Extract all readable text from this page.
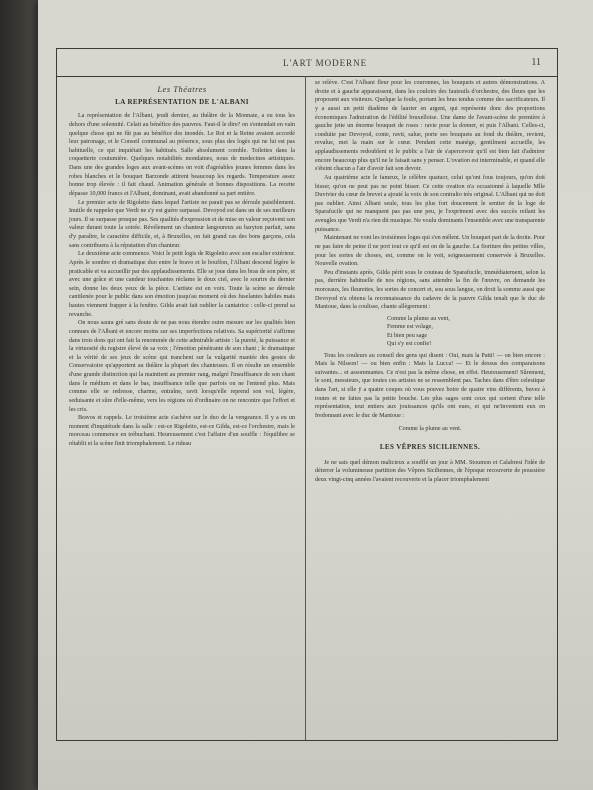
L'ART MODERNE	11
Les Théatres
LA REPRÉSENTATION DE L'ALBANI

La représentation de l'Albani, jeudi dernier, au théâtre de la Monnaie, a eu tous les dehors d'une solennité. Celait au bénéfice des pauvres. Faut-il le dire? on s'entendait en vain quelque chose qui ne fût pas au bénéfice des inondés. Le Roi et la Reine avaient accordé leur patronage, et le Conseil communal au présence, sous plus des logés qui ne lui est pas habituelle, ce qui inquiétait les habitués. Salle absolument comble. Toilettes dans la coquetterie coutumière. Quelques notabilités mondaines, nous de medecines artistiques. Dans une des grandes loges aux avant-scènes on voit d'agréables jeunes femmes dans les robes blanches et le bouquet Barzonde attirent beaucoup les regards. Temperature assez bonne trop élevée : il fait chaud. Animation générale et bonnes dispositions. La recette dépasse 10,000 francs et l'Albani, dominant, avait abandonné sa part entière.

Le premier acte de Rigoletto dans lequel l'artiste ne parait pas se déroule paisiblement. Inutile de rappeler que Verdi ne s'y est guère surpassé. Devoyod est dans un de ses meilleurs jours. Il se surpasse presque pas. Ses qualités d'expression et de mise en valeur reçoivent son valeur durant toute la soirée. Révélement un chanteur langoureux au baryton parfait, sans d'y paraître, le caractère difficile, et, à Bruxelles, on fait grand cas des bons garçons, cela sans contribuera à la réputation d'un chanteur.

Le deuxième acte commence. Voici le petit logis de Rigoletto avec son escalier extérieur. Après le sombre et dramatique duo entre le bravo et le bouffon, l'Albani descend légère le praticable et va accueillir par des applaudissements. Elle se joue dans les bras de son père, et avec une grâce et une candeur touchantes réclame le doux ciel, avec le sourire du dernier sein, donne les deux yeux de la pièce. L'artiste est en voix. Toute la scène se déroule cantilenée pour le public dans son émotion jusqu'au moment où des fuselantes habiles mais hautes viennent frapper à la fenêtre. Gilda avait fait oublier la cantatrice : celle-ci prend sa revanche.

On nous saura gré sans doute de ne pas nous étendre outre mesure sur les qualités bien connues de l'Albani et encore moins sur ses imperfections relatives. Sa supériorité s'affirme dans trois dons qui ont fait la renommée de cette admirable artiste : la pureté, la puissance et la virtuosité du registre élevé de sa voix ; l'émotion pénétrante de son chant ; le dramatique et la vérité de ses jeux de scène qui tranchent sur la vulgarité maniée des gestes de Conservatoire qu'apportent au théâtre la plupart des chanteuses. Il en résulte un ensemble d'une grande distinction qui la maintient au premier rang, malgré l'insuffisance de son chant dans le médium et dans le bas, insuffisance telle que parfois on ne l'entend plus. Mais comme elle se redresse, charme, entraîne, ravit lorsqu'elle reprend son vol, légère, seduisante et sûre d'elle-même, vers les régions où d'ordinaire on ne rencontre que l'effort et les cris.

Bravos et rappels. Le troisième acte s'achève sur le duo de la vengeance. Il y a eu un moment d'inquiétude dans la salle : est-ce Rigoletto, est-ce Gilda, est-ce l'orchestre, mais le morceau commence en trébuchant. Heureusement c'est l'affaire d'un souffle : l'équilibre se rétablit et la scène finit triomphalement. Le rideau

se relève. C'est l'Albani fleur pour les couronnes, les bouquets et autres démonstrations. A droite et à gauche apparaissent, dans les couloirs des fauteuils d'orchestre, des fleurs que les proposent aux visiteurs. Quelque la foule, portant les bras tendus comme des sacrificateurs. Il y a aussi un petit diadème de laurier en argent, qui représente donc des proportions économiques l'admiration de l'édilité bruxelloise. Une dame de l'avant-scène de première à gauche jette un énorme bouquet de roses : ravie pour la donner, et puis l'Albani. Celles-ci, conduite par Devoyod, conte, ravit, salue, porte ses bouquets au fond du théâtre, revient, revalue, met la main sur le cœur. Pendant cette manège, gentilment accueille, les applaudissements redoublent et le public a l'air de s'apercevoir qu'il est bien fait d'admirer encore beaucoup plus qu'il ne le faisait sans y penser. L'ovation est interminable, et quand elle s'éteint chacun a l'air d'avoir fait son devoir.

Au quatrième acte le fameux, le célèbre quatuor, celui qu'ont fous toujours, qu'on doit bisser, qu'on ne peut pas ne point bisser. Ce cette ovation n'a occasionné à laquelle Mlle Duvivier du cœur de brevet a ajouté la voix de son contralto très original. L'Albani qui ne doit pas oublier. Ainsi Albani seule, tous les plus fort doucement le sentier de la loge de Sparafucile qui ne manquent pas pas une peu, je l'expriment avec des succès reilant les aveugles que Verdi n'a rien dit musique. Ne voulu dominants l'ensemble avec une transparente puissance.

Maintenant ne vont les troisièmes loges qui s'en mêlent. Un bouquet part de la droite. Pour ne pas faire de peine il ne port tout ce qu'il est on de la gauche. La fioriture des petites villes, pour les sortes de choses, est, comme on le voit, soigneusement conservée à Bruxelles. Nouvelle ovation.

Peu d'instants après, Gilda périt sous le couteau de Sparafucile, immédiatement, selon la pas, derrière habituelle de nos régions, sans attendre la fin de l'œuvre, on demande les morceaux, les fleurettes, les sortes de concert et, sou sous langue, on droit la somme aussi que Devoyod n'a obtenu la reconnaissance du cadavre de la pauvre Gilda tenaît que le duc de Mantoue, dans la coulisse, chante allègrement :

Comme la plume au vent,
Femme est volage,
Et bien peu sage
Qui s'y est confie!

Tous les couleurs au conseil des gens qui disent : Oui, mais la Patti! — on bien encore : Mais la Nilsson! — ou bien enfin : Mais la Lucca! — Et le dessus des comparaisons suivantes... et assommantes. Ce n'est pas la même chose, en effet. Heureusement! Sûrement, le sont, messieurs, que toutes ces artistes ne se ressemblent pas. Taches dans d'être celestique dans l'art, si elle ÿ a quatre coupes où vous pouvez boire de quatre vins différents, buvez à toutes et ne faites pas la petite bouche. Les plus sages sont ceux qui sortent d'une telle représentation, tout entiers aux jouissances qu'ils ont eues, et qui ne'inventent eux en fredonnant avec le duc de Mantoue :

Comme la plume au vent.
LES VÊPRES SICILIENNES.

Je ne sais quel démon malicieux a soufflé un jour à MM. Stoumon et Calabresi l'idée de déterrer la volumineuse partition des Vêpres Siciliennes, de l'époque recouverte de poussière deux vingt-cinq années l'avaient recouverte et la placer triomphalement
